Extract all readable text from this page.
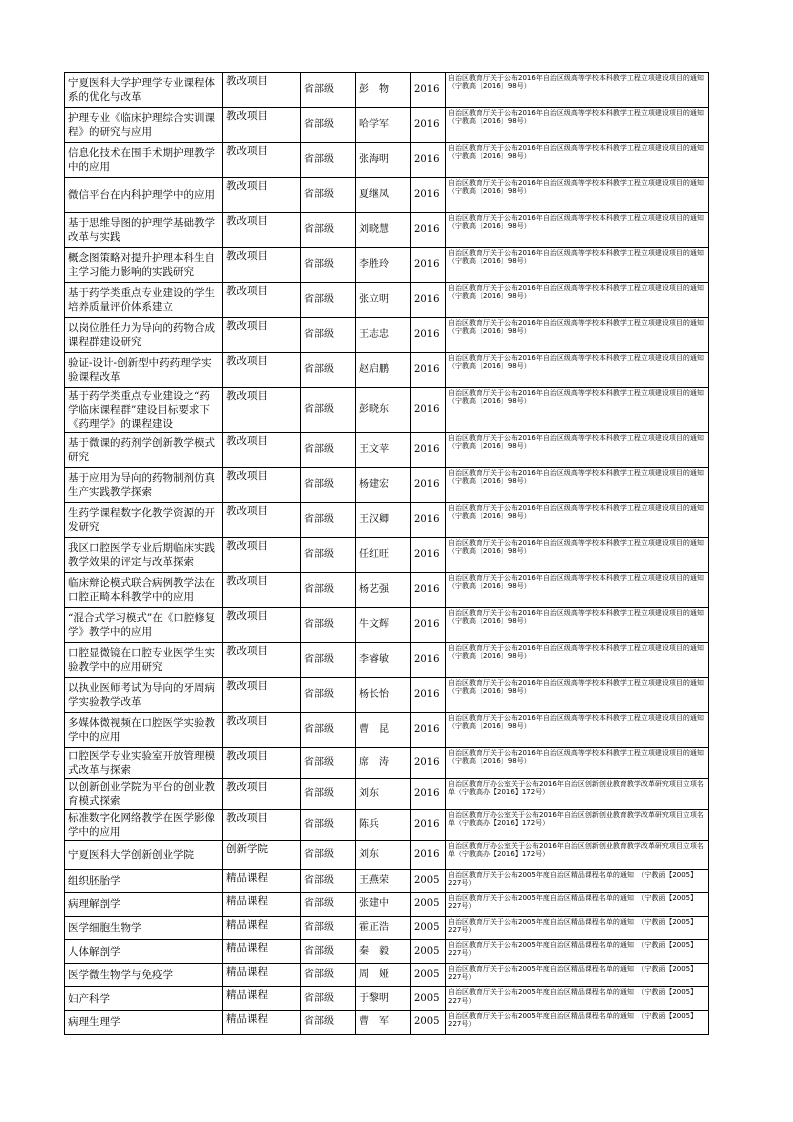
宁夏医科大学护理学专业课程体系的优化与改革	教改项目	省部级	彭　物	2016	自治区教育厅关于公布2016年自治区级高等学校本科教学工程立项建设项目的通知
（宁教高〔2016〕98号）
护理专业《临床护理综合实训课程》的研究与应用	教改项目	省部级	哈学军	2016	自治区教育厅关于公布2016年自治区级高等学校本科教学工程立项建设项目的通知
（宁教高〔2016〕98号）
信息化技术在围手术期护理教学中的应用	教改项目	省部级	张海明	2016	自治区教育厅关于公布2016年自治区级高等学校本科教学工程立项建设项目的通知
（宁教高〔2016〕98号）
微信平台在内科护理学中的应用	教改项目	省部级	夏继凤	2016	自治区教育厅关于公布2016年自治区级高等学校本科教学工程立项建设项目的通知
（宁教高〔2016〕98号）
基于思维导图的护理学基础教学改革与实践	教改项目	省部级	刘晓慧	2016	自治区教育厅关于公布2016年自治区级高等学校本科教学工程立项建设项目的通知
（宁教高〔2016〕98号）
概念图策略对提升护理本科生自主学习能力影响的实践研究	教改项目	省部级	李胜玲	2016	自治区教育厅关于公布2016年自治区级高等学校本科教学工程立项建设项目的通知
（宁教高〔2016〕98号）
基于药学类重点专业建设的学生培养质量评价体系建立	教改项目	省部级	张立明	2016	自治区教育厅关于公布2016年自治区级高等学校本科教学工程立项建设项目的通知
（宁教高〔2016〕98号）
以岗位胜任力为导向的药物合成课程群建设研究	教改项目	省部级	王志忠	2016	自治区教育厅关于公布2016年自治区级高等学校本科教学工程立项建设项目的通知
（宁教高〔2016〕98号）
验证-设计-创新型中药药理学实验课程改革	教改项目	省部级	赵启鹏	2016	自治区教育厅关于公布2016年自治区级高等学校本科教学工程立项建设项目的通知
（宁教高〔2016〕98号）
基于药学类重点专业建设之“药学临床课程群”建设目标要求下《药理学》的课程建设	教改项目	省部级	彭晓东	2016	自治区教育厅关于公布2016年自治区级高等学校本科教学工程立项建设项目的通知
（宁教高〔2016〕98号）
基于微课的药剂学创新教学模式研究	教改项目	省部级	王文苹	2016	自治区教育厅关于公布2016年自治区级高等学校本科教学工程立项建设项目的通知
（宁教高〔2016〕98号）
基于应用为导向的药物制剂仿真生产实践教学探索	教改项目	省部级	杨建宏	2016	自治区教育厅关于公布2016年自治区级高等学校本科教学工程立项建设项目的通知
（宁教高〔2016〕98号）
生药学课程数字化教学资源的开发研究	教改项目	省部级	王汉卿	2016	自治区教育厅关于公布2016年自治区级高等学校本科教学工程立项建设项目的通知
（宁教高〔2016〕98号）
我区口腔医学专业后期临床实践教学效果的评定与改革探索	教改项目	省部级	任红旺	2016	自治区教育厅关于公布2016年自治区级高等学校本科教学工程立项建设项目的通知
（宁教高〔2016〕98号）
临床辩论模式联合病例教学法在口腔正畸本科教学中的应用	教改项目	省部级	杨艺强	2016	自治区教育厅关于公布2016年自治区级高等学校本科教学工程立项建设项目的通知
（宁教高〔2016〕98号）
“混合式学习模式”在《口腔修复学》教学中的应用	教改项目	省部级	牛文辉	2016	自治区教育厅关于公布2016年自治区级高等学校本科教学工程立项建设项目的通知
（宁教高〔2016〕98号）
口腔显微镜在口腔专业医学生实验教学中的应用研究	教改项目	省部级	李睿敏	2016	自治区教育厅关于公布2016年自治区级高等学校本科教学工程立项建设项目的通知
（宁教高〔2016〕98号）
以执业医师考试为导向的牙周病学实验教学改革	教改项目	省部级	杨长怡	2016	自治区教育厅关于公布2016年自治区级高等学校本科教学工程立项建设项目的通知
（宁教高〔2016〕98号）
多媒体微视频在口腔医学实验教学中的应用	教改项目	省部级	曹　昆	2016	自治区教育厅关于公布2016年自治区级高等学校本科教学工程立项建设项目的通知
（宁教高〔2016〕98号）
口腔医学专业实验室开放管理模式改革与探索	教改项目	省部级	席　涛	2016	自治区教育厅关于公布2016年自治区级高等学校本科教学工程立项建设项目的通知
（宁教高〔2016〕98号）
以创新创业学院为平台的创业教育模式探索	教改项目	省部级	刘东	2016	自治区教育厅办公室关于公布2016年自治区创新创业教育教学改革研究项目立项名单（宁教高办【2016】172号）
标准数字化网络教学在医学影像学中的应用	教改项目	省部级	陈兵	2016	自治区教育厅办公室关于公布2016年自治区创新创业教育教学改革研究项目立项名单（宁教高办【2016】172号）
宁夏医科大学创新创业学院	创新学院	省部级	刘东	2016	自治区教育厅办公室关于公布2016年自治区创新创业教育教学改革研究项目立项名单（宁教高办【2016】172号）
组织胚胎学	精品课程	省部级	王燕荣	2005	自治区教育厅关于公布2005年度自治区精品课程名单的通知　（宁教函【2005】227号）
病理解剖学	精品课程	省部级	张建中	2005	自治区教育厅关于公布2005年度自治区精品课程名单的通知　（宁教函【2005】227号）
医学细胞生物学	精品课程	省部级	霍正浩	2005	自治区教育厅关于公布2005年度自治区精品课程名单的通知　（宁教函【2005】227号）
人体解剖学	精品课程	省部级	秦　毅	2005	自治区教育厅关于公布2005年度自治区精品课程名单的通知　（宁教函【2005】227号）
医学微生物学与免疫学	精品课程	省部级	周　娅	2005	自治区教育厅关于公布2005年度自治区精品课程名单的通知　（宁教函【2005】227号）
妇产科学	精品课程	省部级	于黎明	2005	自治区教育厅关于公布2005年度自治区精品课程名单的通知　（宁教函【2005】227号）
病理生理学	精品课程	省部级	曹　军	2005	自治区教育厅关于公布2005年度自治区精品课程名单的通知　（宁教函【2005】227号）
